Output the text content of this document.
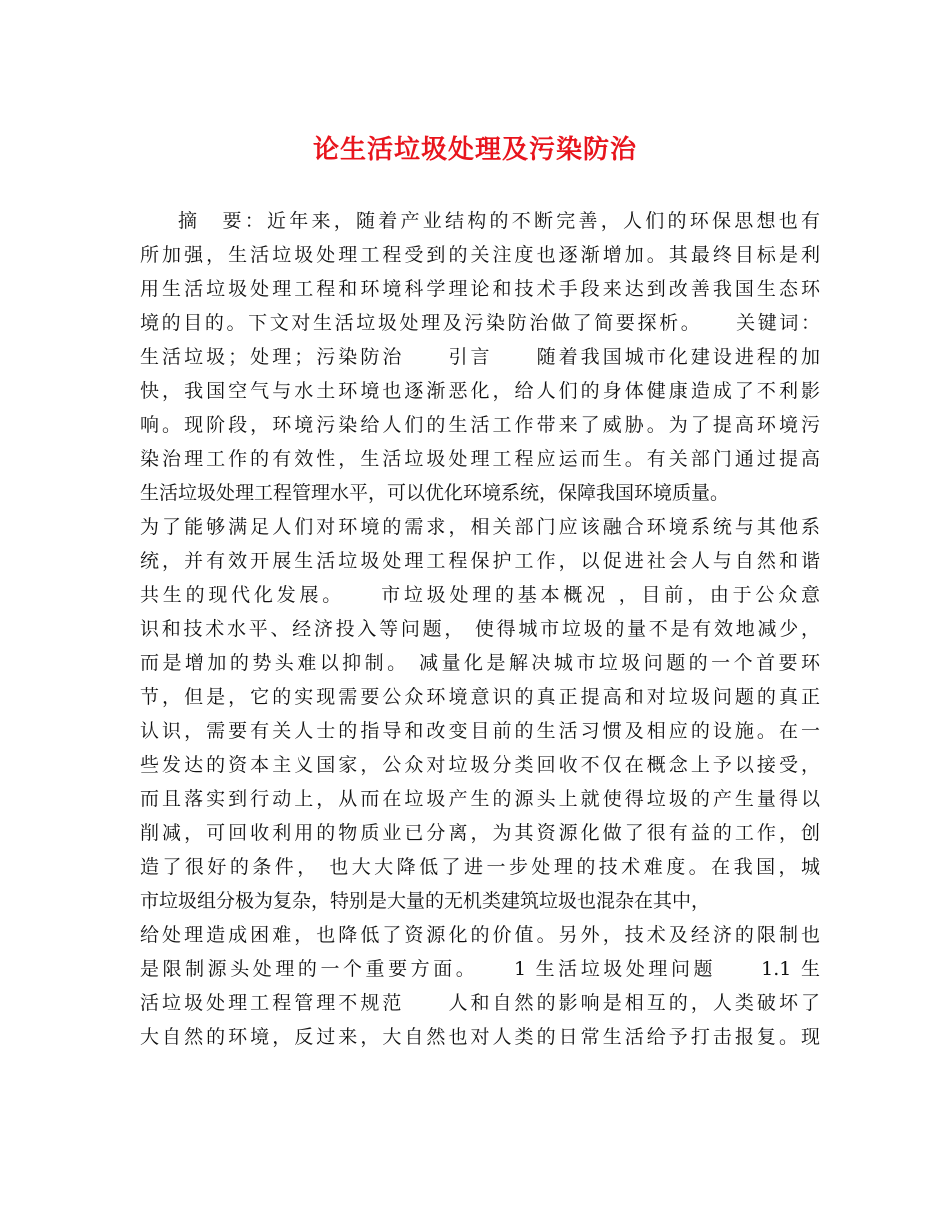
论生活垃圾处理及污染防治
摘　要：近年来，随着产业结构的不断完善，人们的环保思想也有
所加强，生活垃圾处理工程受到的关注度也逐渐增加。其最终目标是利
用生活垃圾处理工程和环境科学理论和技术手段来达到改善我国生态环
境的目的。下文对生活垃圾处理及污染防治做了简要探析。　　关键词：
生活垃圾；处理；污染防治　　引言　　随着我国城市化建设进程的加
快，我国空气与水土环境也逐渐恶化，给人们的身体健康造成了不利影
响。现阶段，环境污染给人们的生活工作带来了威胁。为了提高环境污
染治理工作的有效性，生活垃圾处理工程应运而生。有关部门通过提高
生活垃圾处理工程管理水平，可以优化环境系统，保障我国环境质量。
为了能够满足人们对环境的需求，相关部门应该融合环境系统与其他系
统，并有效开展生活垃圾处理工程保护工作，以促进社会人与自然和谐
共生的现代化发展。　　市垃圾处理的基本概况 ，目前，由于公众意
识和技术水平、经济投入等问题， 使得城市垃圾的量不是有效地减少，
而是增加的势头难以抑制。 减量化是解决城市垃圾问题的一个首要环
节，但是，它的实现需要公众环境意识的真正提高和对垃圾问题的真正
认识，需要有关人士的指导和改变目前的生活习惯及相应的设施。在一
些发达的资本主义国家，公众对垃圾分类回收不仅在概念上予以接受，
而且落实到行动上，从而在垃圾产生的源头上就使得垃圾的产生量得以
削减，可回收利用的物质业已分离，为其资源化做了很有益的工作，创
造了很好的条件， 也大大降低了进一步处理的技术难度。在我国，城
市垃圾组分极为复杂，特别是大量的无机类建筑垃圾也混杂在其中，
给处理造成困难，也降低了资源化的价值。另外，技术及经济的限制也
是限制源头处理的一个重要方面。　　1 生活垃圾处理问题　　1.1 生
活垃圾处理工程管理不规范　　人和自然的影响是相互的，人类破坏了
大自然的环境，反过来，大自然也对人类的日常生活给予打击报复。现
